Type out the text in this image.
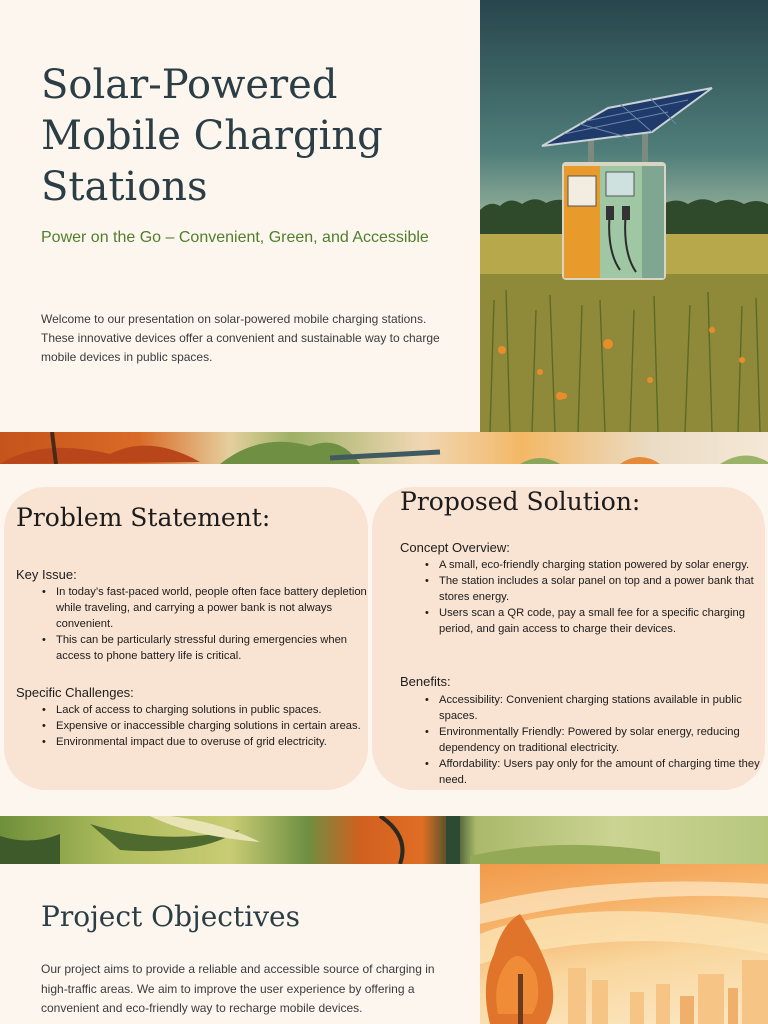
Solar-Powered
Mobile Charging
Stations

Power on the Go – Convenient, Green, and Accessible

Welcome to our presentation on solar-powered mobile charging stations. These innovative devices offer a convenient and sustainable way to charge mobile devices in public spaces.

Problem Statement:

Key Issue:

• In today’s fast-paced world, people often face battery depletion while traveling, and carrying a power bank is not always convenient.
• This can be particularly stressful during emergencies when access to phone battery life is critical.

Specific Challenges:

• Lack of access to charging solutions in public spaces.
• Expensive or inaccessible charging solutions in certain areas.
• Environmental impact due to overuse of grid electricity.
Proposed Solution:

Concept Overview:

• A small, eco-friendly charging station powered by solar energy.
• The station includes a solar panel on top and a power bank that stores energy.
• Users scan a QR code, pay a small fee for a specific charging period, and gain access to charge their devices.

Benefits:

• Accessibility: Convenient charging stations available in public spaces.
• Environmentally Friendly: Powered by solar energy, reducing dependency on traditional electricity.
• Affordability: Users pay only for the amount of charging time they need.
Project Objectives

Our project aims to provide a reliable and accessible source of charging in high-traffic areas. We aim to improve the user experience by offering a convenient and eco-friendly way to recharge mobile devices.
